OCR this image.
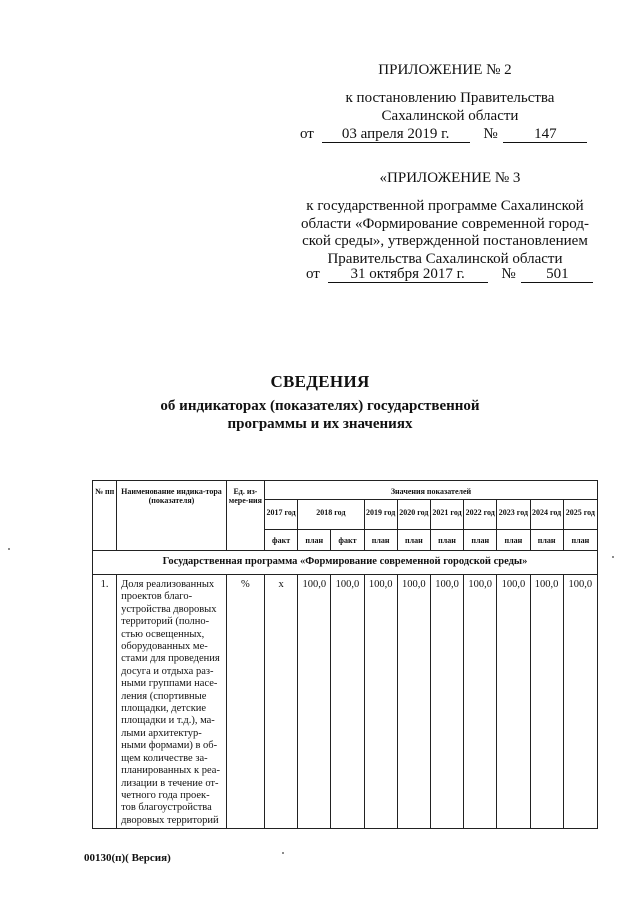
ПРИЛОЖЕНИЕ № 2
к постановлению Правительства
Сахалинской области
от 03 апреля 2019 г. № 147
«ПРИЛОЖЕНИЕ № 3
к государственной программе Сахалинской
области «Формирование современной город-
ской среды», утвержденной постановлением
Правительства Сахалинской области
от 31 октября 2017 г. № 501
СВЕДЕНИЯ
об индикаторах (показателях) государственной
программы и их значениях
№ пп	Наименование индика-тора (показателя)	Ед. из-мере-ния	Значения показателей									
			2017 год	2018 год		2019 год	2020 год	2021 год	2022 год	2023 год	2024 год	2025 год
			факт	план	факт	план	план	план	план	план	план	план
Государственная программа «Формирование современной городской среды»												
1.	Доля реализованных проектов благо-устройства дворовых территорий (полно-стью освещенных, оборудованных ме-стами для проведения досуга и отдыха раз-ными группами насе-ления (спортивные площадки, детские площадки и т.д.), ма-лыми архитектур-ными формами) в об-щем количестве за-планированных к реа-лизации в течение от-четного года проек-тов благоустройства дворовых территорий	%	х	100,0	100,0	100,0	100,0	100,0	100,0	100,0	100,0	100,0
00130(п)( Версия)
